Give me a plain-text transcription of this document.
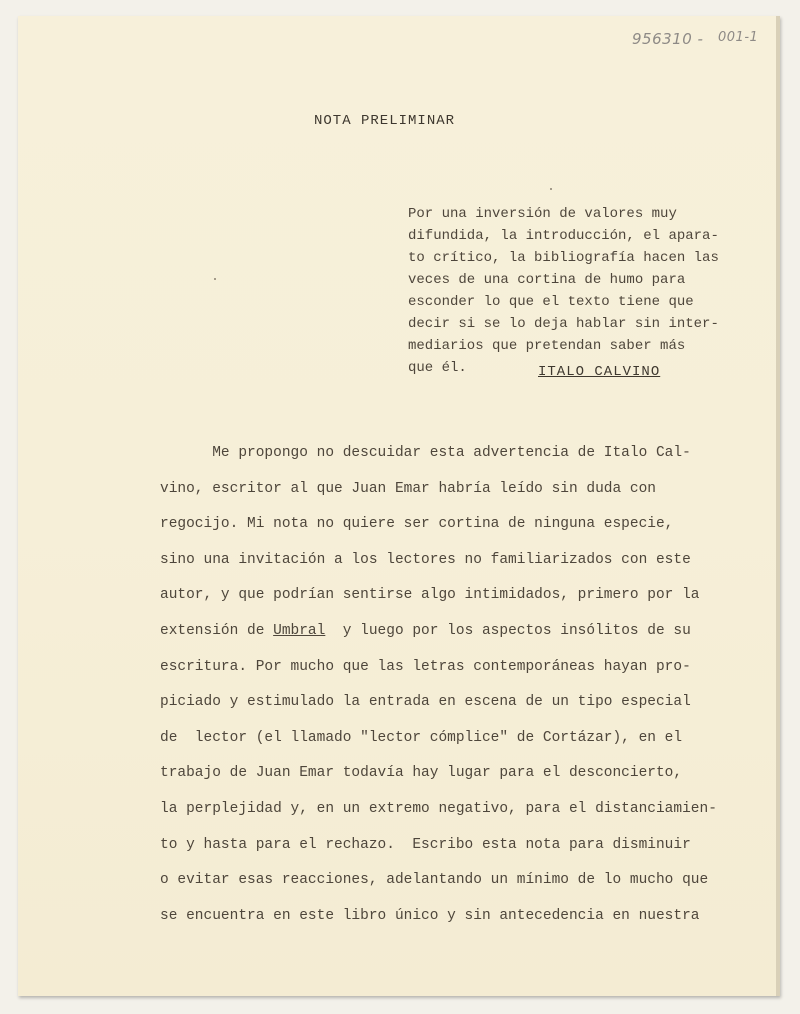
956310 - 001-1
NOTA PRELIMINAR
Por una inversión de valores muy
difundida, la introducción, el apara-
to crítico, la bibliografía hacen las
veces de una cortina de humo para
esconder lo que el texto tiene que
decir si se lo deja hablar sin inter-
mediarios que pretendan saber más
que él.	ITALO CALVINO
Me propongo no descuidar esta advertencia de Italo Cal-
vino, escritor al que Juan Emar habría leído sin duda con
regocijo. Mi nota no quiere ser cortina de ninguna especie,
sino una invitación a los lectores no familiarizados con este
autor, y que podrían sentirse algo intimidados, primero por la
extensión de Umbral  y luego por los aspectos insólitos de su
escritura. Por mucho que las letras contemporáneas hayan pro-
piciado y estimulado la entrada en escena de un tipo especial
de  lector (el llamado "lector cómplice" de Cortázar), en el
trabajo de Juan Emar todavía hay lugar para el desconcierto,
la perplejidad y, en un extremo negativo, para el distanciamien-
to y hasta para el rechazo.  Escribo esta nota para disminuir
o evitar esas reacciones, adelantando un mínimo de lo mucho que
se encuentra en este libro único y sin antecedencia en nuestra
